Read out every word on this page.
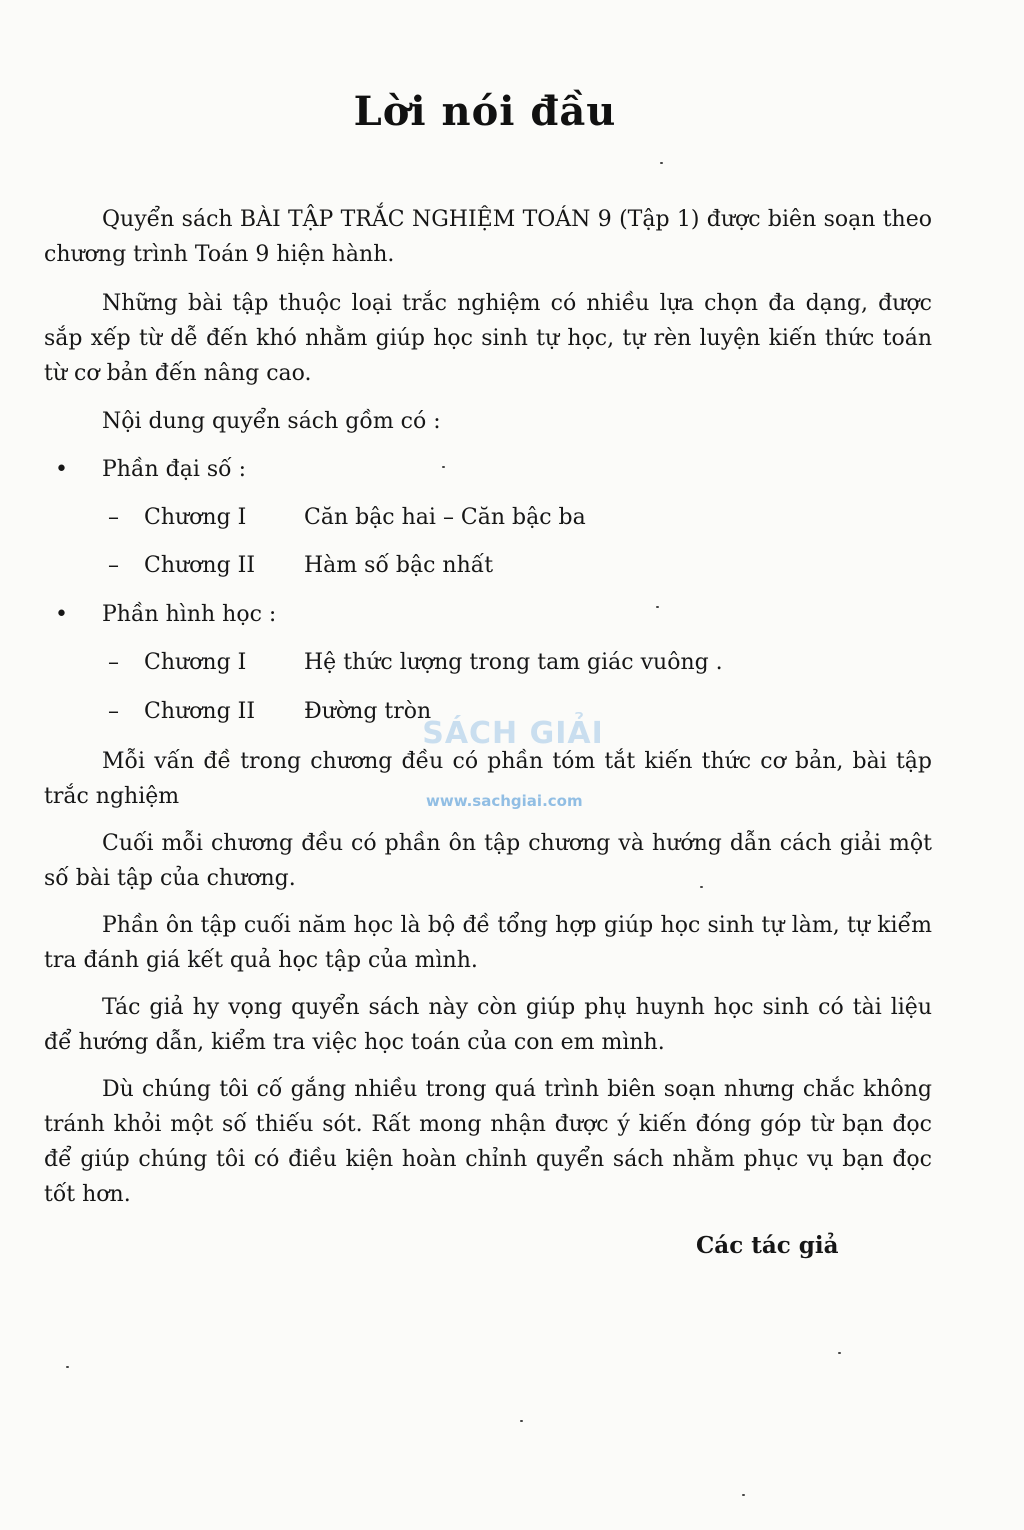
Lời nói đầu

Quyển sách BÀI TẬP TRẮC NGHIỆM TOÁN 9 (Tập 1) được biên soạn theo chương trình Toán 9 hiện hành.

Những bài tập thuộc loại trắc nghiệm có nhiều lựa chọn đa dạng, được sắp xếp từ dễ đến khó nhằm giúp học sinh tự học, tự rèn luyện kiến thức toán từ cơ bản đến nâng cao.

Nội dung quyển sách gồm có :
• Phần đại số :
– Chương I	Căn bậc hai – Căn bậc ba
– Chương II Hàm số bậc nhất
• Phần hình học :
– Chương I	Hệ thức lượng trong tam giác vuông .
– Chương II Đường tròn
SÁCH GIẢI
www.sachgiai.com

Mỗi vấn đề trong chương đều có phần tóm tắt kiến thức cơ bản, bài tập trắc nghiệm

Cuối mỗi chương đều có phần ôn tập chương và hướng dẫn cách giải một số bài tập của chương.

Phần ôn tập cuối năm học là bộ đề tổng hợp giúp học sinh tự làm, tự kiểm tra đánh giá kết quả học tập của mình.

Tác giả hy vọng quyển sách này còn giúp phụ huynh học sinh có tài liệu để hướng dẫn, kiểm tra việc học toán của con em mình.

Dù chúng tôi cố gắng nhiều trong quá trình biên soạn nhưng chắc không tránh khỏi một số thiếu sót. Rất mong nhận được ý kiến đóng góp từ bạn đọc để giúp chúng tôi có điều kiện hoàn chỉnh quyển sách nhằm phục vụ bạn đọc tốt hơn.

Các tác giả
